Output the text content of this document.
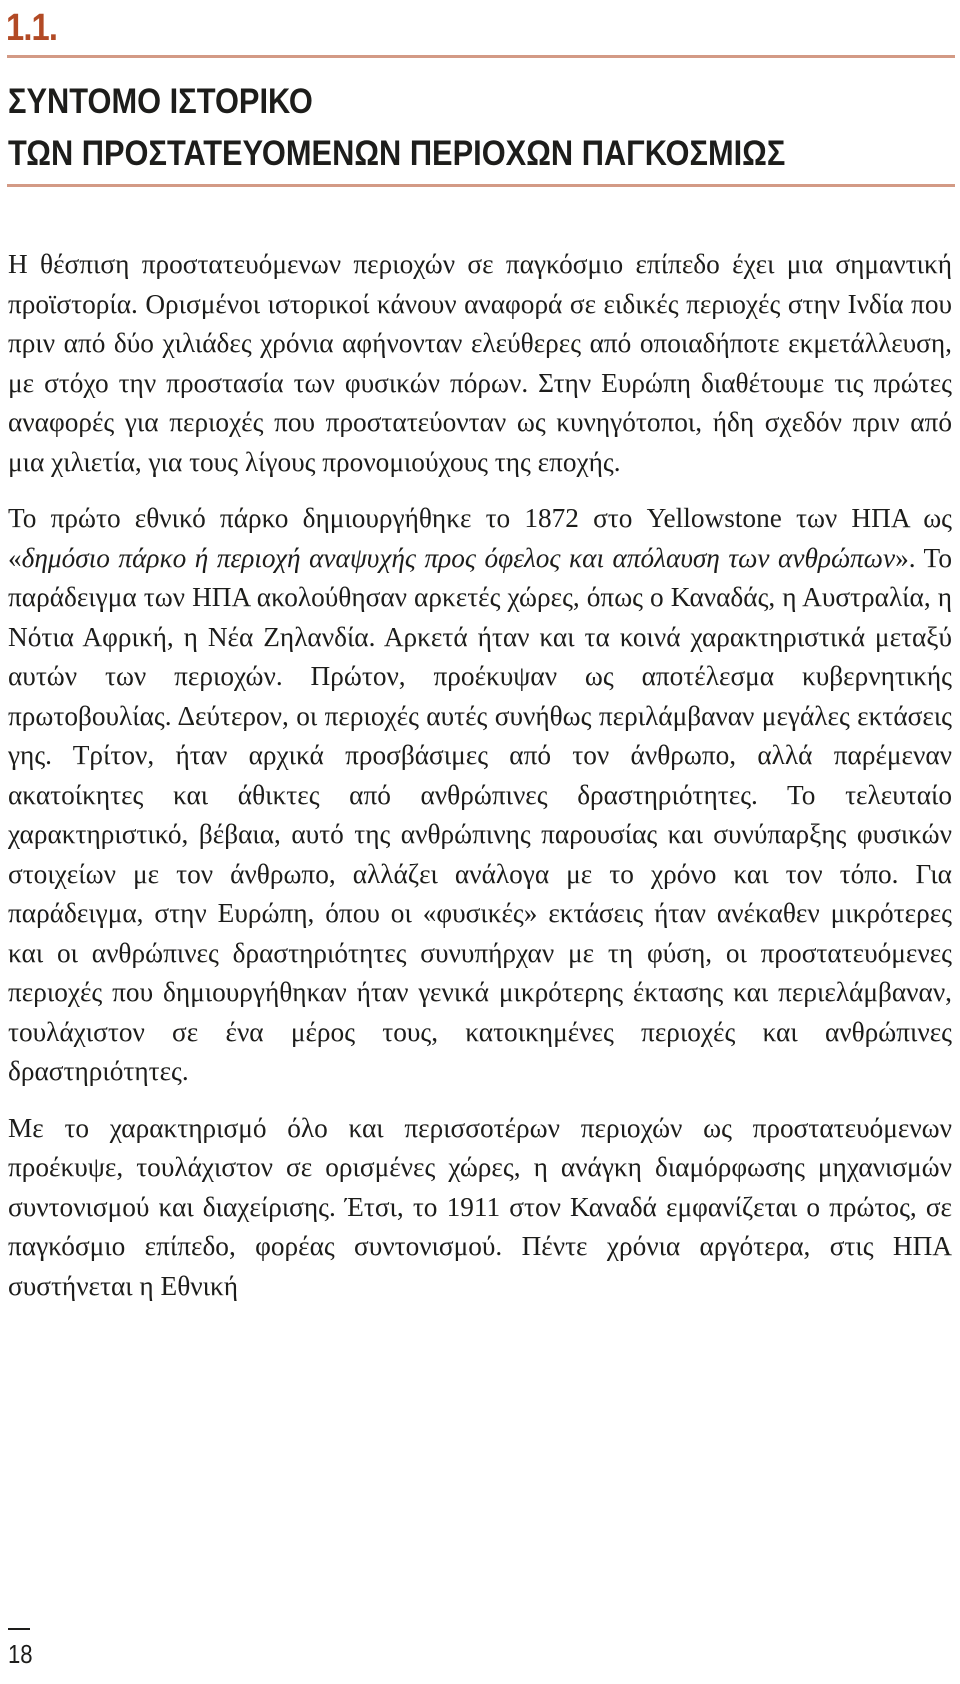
1.1.
ΣΥΝΤΟΜΟ ΙΣΤΟΡΙΚΟ
ΤΩΝ ΠΡΟΣΤΑΤΕΥΟΜΕΝΩΝ ΠΕΡΙΟΧΩΝ ΠΑΓΚΟΣΜΙΩΣ

Η θέσπιση προστατευόμενων περιοχών σε παγκόσμιο επίπεδο έχει μια σημαντική προϊστορία. Ορισμένοι ιστορικοί κάνουν αναφορά σε ειδικές περιοχές στην Ινδία που πριν από δύο χιλιάδες χρόνια αφήνονταν ελεύθερες από οποιαδήποτε εκμετάλλευση, με στόχο την προστασία των φυσικών πόρων. Στην Ευρώπη διαθέτουμε τις πρώτες αναφορές για περιοχές που προστατεύονταν ως κυνηγότοποι, ήδη σχεδόν πριν από μια χιλιετία, για τους λίγους προνομιούχους της εποχής.

Το πρώτο εθνικό πάρκο δημιουργήθηκε το 1872 στο Yellowstone των ΗΠΑ ως «δημόσιο πάρκο ή περιοχή αναψυχής προς όφελος και απόλαυση των ανθρώπων». Το παράδειγμα των ΗΠΑ ακολούθησαν αρκετές χώρες, όπως ο Καναδάς, η Αυστραλία, η Νότια Αφρική, η Νέα Ζηλανδία. Αρκετά ήταν και τα κοινά χαρακτηριστικά μεταξύ αυτών των περιοχών. Πρώτον, προέκυψαν ως αποτέλεσμα κυβερνητικής πρωτοβουλίας. Δεύτερον, οι περιοχές αυτές συνήθως περιλάμβαναν μεγάλες εκτάσεις γης. Τρίτον, ήταν αρχικά προσβάσιμες από τον άνθρωπο, αλλά παρέμεναν ακατοίκητες και άθικτες από ανθρώπινες δραστηριότητες. Το τελευταίο χαρακτηριστικό, βέβαια, αυτό της ανθρώπινης παρουσίας και συνύπαρξης φυσικών στοιχείων με τον άνθρωπο, αλλάζει ανάλογα με το χρόνο και τον τόπο. Για παράδειγμα, στην Ευρώπη, όπου οι «φυσικές» εκτάσεις ήταν ανέκαθεν μικρότερες και οι ανθρώπινες δραστηριότητες συνυπήρχαν με τη φύση, οι προστατευόμενες περιοχές που δημιουργήθηκαν ήταν γενικά μικρότερης έκτασης και περιελάμβαναν, τουλάχιστον σε ένα μέρος τους, κατοικημένες περιοχές και ανθρώπινες δραστηριότητες.

Με το χαρακτηρισμό όλο και περισσοτέρων περιοχών ως προστατευόμενων προέκυψε, τουλάχιστον σε ορισμένες χώρες, η ανάγκη διαμόρφωσης μηχανισμών συντονισμού και διαχείρισης. Έτσι, το 1911 στον Καναδά εμφανίζεται ο πρώτος, σε παγκόσμιο επίπεδο, φορέας συντονισμού. Πέντε χρόνια αργότερα, στις ΗΠΑ συστήνεται η Εθνική

18
